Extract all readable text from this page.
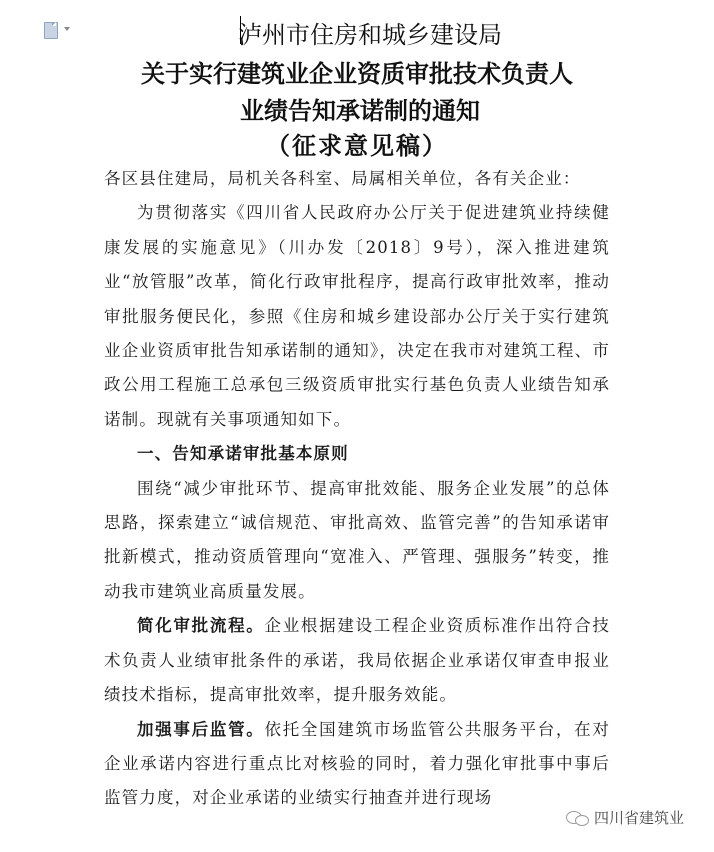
泸州市住房和城乡建设局
关于实行建筑业企业资质审批技术负责人
业绩告知承诺制的通知
（征求意见稿）

各区县住建局，局机关各科室、局属相关单位，各有关企业：

为贯彻落实《四川省人民政府办公厅关于促进建筑业持续健康发展的实施意见》（川办发〔2018〕9号），深入推进建筑业“放管服”改革，简化行政审批程序，提高行政审批效率，推动审批服务便民化，参照《住房和城乡建设部办公厅关于实行建筑业企业资质审批告知承诺制的通知》，决定在我市对建筑工程、市政公用工程施工总承包三级资质审批实行基色负责人业绩告知承诺制。现就有关事项通知如下。

一、告知承诺审批基本原则

围绕“减少审批环节、提高审批效能、服务企业发展”的总体思路，探索建立“诚信规范、审批高效、监管完善”的告知承诺审批新模式，推动资质管理向“宽准入、严管理、强服务”转变，推动我市建筑业高质量发展。

简化审批流程。企业根据建设工程企业资质标准作出符合技术负责人业绩审批条件的承诺，我局依据企业承诺仅审查申报业绩技术指标，提高审批效率，提升服务效能。

加强事后监管。依托全国建筑市场监管公共服务平台，在对企业承诺内容进行重点比对核验的同时，着力强化审批事中事后监管力度，对企业承诺的业绩实行抽查并进行现场

四川省建筑业
